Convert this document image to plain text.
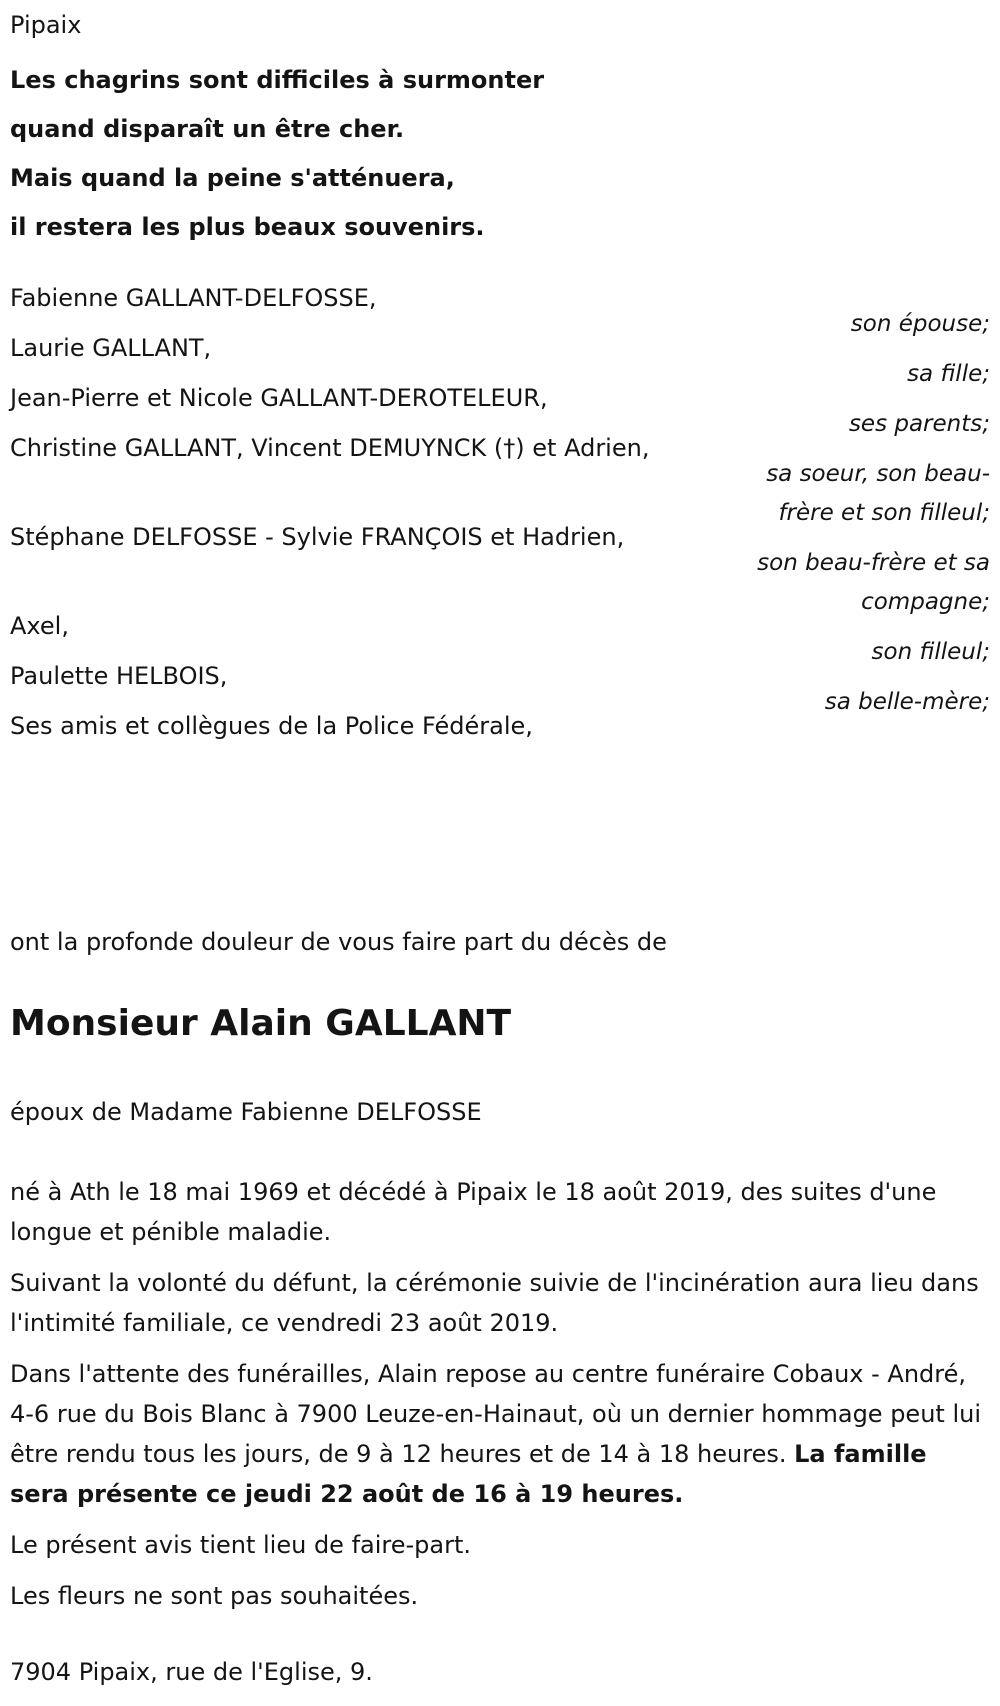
Pipaix
Les chagrins sont difficiles à surmonter
quand disparaît un être cher.
Mais quand la peine s'atténuera,
il restera les plus beaux souvenirs.
Fabienne GALLANT-DELFOSSE,
son épouse;
Laurie GALLANT,
sa fille;
Jean-Pierre et Nicole GALLANT-DEROTELEUR,
ses parents;
Christine GALLANT, Vincent DEMUYNCK (†) et Adrien,
sa soeur, son beau-frère et son filleul;
Stéphane DELFOSSE - Sylvie FRANÇOIS et Hadrien,
son beau-frère et sa compagne;
Axel,
son filleul;
Paulette HELBOIS,
sa belle-mère;
Ses amis et collègues de la Police Fédérale,
ont la profonde douleur de vous faire part du décès de
Monsieur Alain GALLANT
époux de Madame Fabienne DELFOSSE

né à Ath le 18 mai 1969 et décédé à Pipaix le 18 août 2019, des suites d'une longue et pénible maladie.

Suivant la volonté du défunt, la cérémonie suivie de l'incinération aura lieu dans l'intimité familiale, ce vendredi 23 août 2019.

Dans l'attente des funérailles, Alain repose au centre funéraire Cobaux - André, 4-6 rue du Bois Blanc à 7900 Leuze-en-Hainaut, où un dernier hommage peut lui être rendu tous les jours, de 9 à 12 heures et de 14 à 18 heures. La famille sera présente ce jeudi 22 août de 16 à 19 heures.

Le présent avis tient lieu de faire-part.

Les fleurs ne sont pas souhaitées.

7904 Pipaix, rue de l'Eglise, 9.
